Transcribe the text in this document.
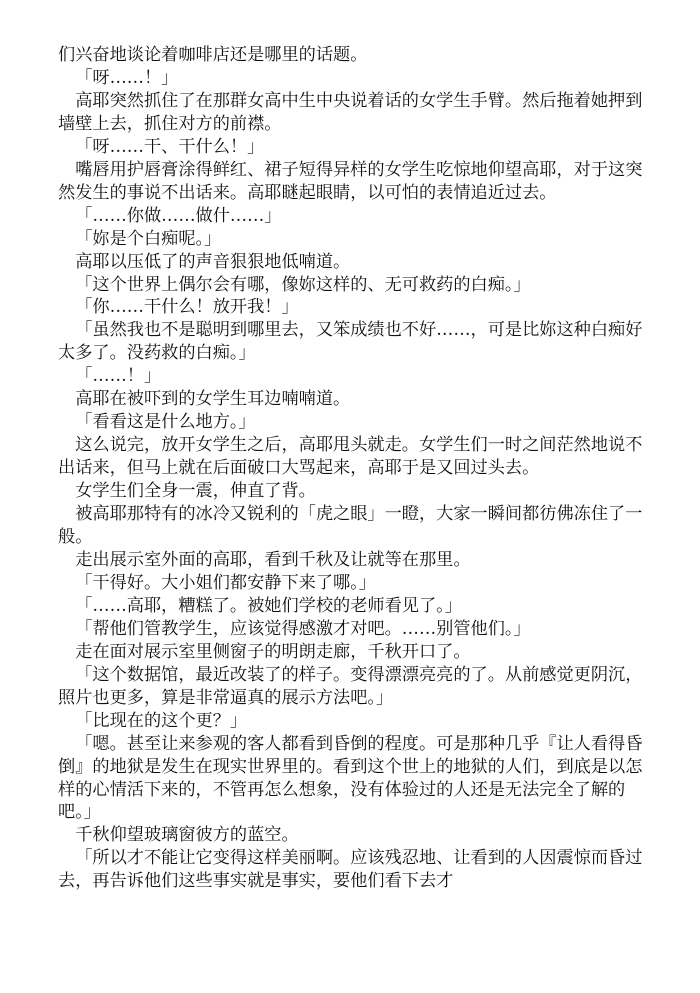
们兴奋地谈论着咖啡店还是哪里的话题。

「呀……！」

高耶突然抓住了在那群女高中生中央说着话的女学生手臂。然后拖着她押到墙壁上去，抓住对方的前襟。

「呀……干、干什么！」

嘴唇用护唇膏涂得鲜红、裙子短得异样的女学生吃惊地仰望高耶，对于这突然发生的事说不出话来。高耶瞇起眼睛，以可怕的表情追近过去。

「……你做……做什……」

「妳是个白痴呢。」

高耶以压低了的声音狠狠地低喃道。

「这个世界上偶尔会有哪，像妳这样的、无可救药的白痴。」

「你……干什么！放开我！」

「虽然我也不是聪明到哪里去，又笨成绩也不好……，可是比妳这种白痴好太多了。没药救的白痴。」

「……！」

高耶在被吓到的女学生耳边喃喃道。

「看看这是什么地方。」

这么说完，放开女学生之后，高耶甩头就走。女学生们一时之间茫然地说不出话来，但马上就在后面破口大骂起来，高耶于是又回过头去。

女学生们全身一震，伸直了背。

被高耶那特有的冰冷又锐利的「虎之眼」一瞪，大家一瞬间都彷佛冻住了一般。

走出展示室外面的高耶，看到千秋及让就等在那里。

「干得好。大小姐们都安静下来了哪。」

「……高耶，糟糕了。被她们学校的老师看见了。」

「帮他们管教学生，应该觉得感激才对吧。……别管他们。」

走在面对展示室里侧窗子的明朗走廊，千秋开口了。

「这个数据馆，最近改装了的样子。变得漂漂亮亮的了。从前感觉更阴沉，照片也更多，算是非常逼真的展示方法吧。」

「比现在的这个更？」

「嗯。甚至让来参观的客人都看到昏倒的程度。可是那种几乎『让人看得昏倒』的地狱是发生在现实世界里的。看到这个世上的地狱的人们，到底是以怎样的心情活下来的，不管再怎么想象，没有体验过的人还是无法完全了解的吧。」

千秋仰望玻璃窗彼方的蓝空。

「所以才不能让它变得这样美丽啊。应该残忍地、让看到的人因震惊而昏过去，再告诉他们这些事实就是事实，要他们看下去才
